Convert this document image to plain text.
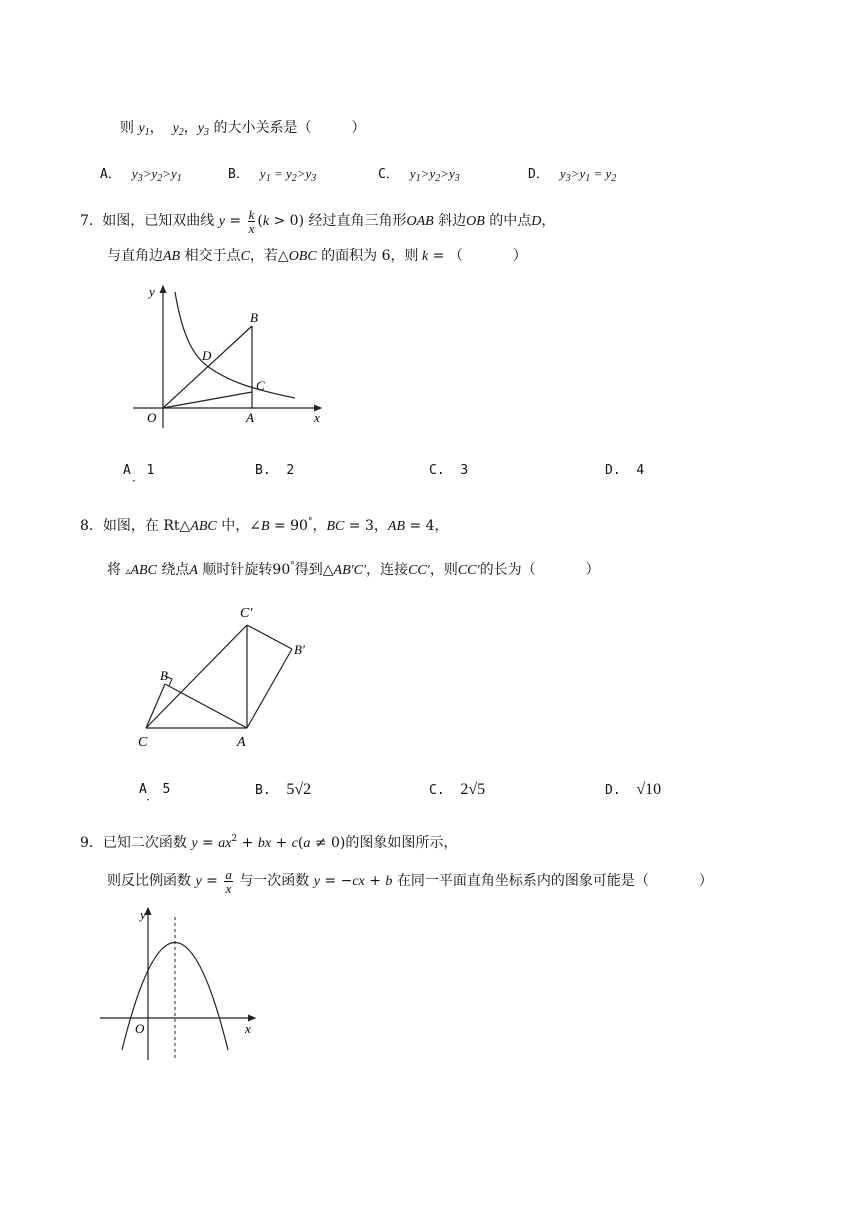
则 $y_1$，  $y_2$，$y_3$ 的大小关系是（	）
A．  $y_3>y_2>y_1$	B．  $y_1 = y_2>y_3$	C．  $y_1>y_2>y_3$	D．  $y_3>y_1 = y_2$
7. 如图，已知双曲线 $y = \frac{k}{x} (k > 0)$ 经过直角三角形OAB 斜边OB 的中点D，
与直角边AB 相交于点C，若△OBC 的面积为 6，则 k = （	）
y
B
D
C
O	A	x
A 1
·
B. 2	C. 3	D. 4
8．如图，在 Rt△ABC 中，∠B = 90°，BC = 3，AB = 4，
将 ▵ABC 绕点A 顺时针旋转90°得到△AB′C′，连接CC′，则CC′的长为（	）
C′
B′
B
C	A
A 5
·
B. 5√2	C. 2√5	D. √10
9．已知二次函数 $y = ax^2$ + bx + c(a ≠ 0)的图象如图所示，
则反比例函数 $y = \frac{a}{x}$ 与一次函数 y = −cx + b 在同一平面直角坐标系内的图象可能是（	）
y
O	x
